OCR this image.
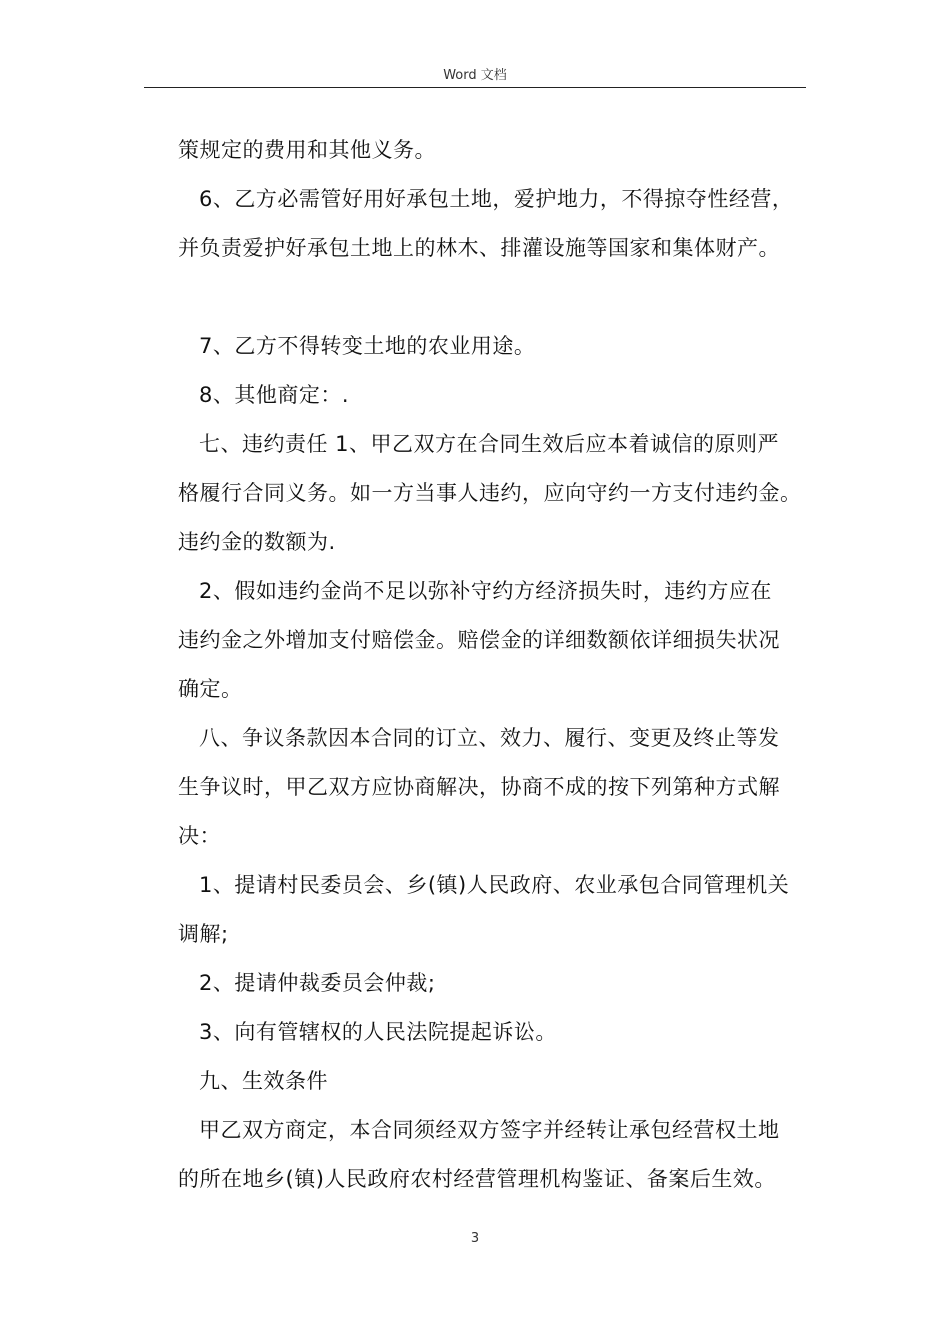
Word 文档

策规定的费用和其他义务。

6、乙方必需管好用好承包土地，爱护地力，不得掠夺性经营，

并负责爱护好承包土地上的林木、排灌设施等国家和集体财产。

7、乙方不得转变土地的农业用途。

8、其他商定：.

七、违约责任 1、甲乙双方在合同生效后应本着诚信的原则严

格履行合同义务。如一方当事人违约，应向守约一方支付违约金。

违约金的数额为.

2、假如违约金尚不足以弥补守约方经济损失时，违约方应在

违约金之外增加支付赔偿金。赔偿金的详细数额依详细损失状况

确定。

八、争议条款因本合同的订立、效力、履行、变更及终止等发

生争议时，甲乙双方应协商解决，协商不成的按下列第种方式解

决：

1、提请村民委员会、乡(镇)人民政府、农业承包合同管理机关

调解;

2、提请仲裁委员会仲裁;

3、向有管辖权的人民法院提起诉讼。

九、生效条件

甲乙双方商定，本合同须经双方签字并经转让承包经营权土地

的所在地乡(镇)人民政府农村经营管理机构鉴证、备案后生效。

3
